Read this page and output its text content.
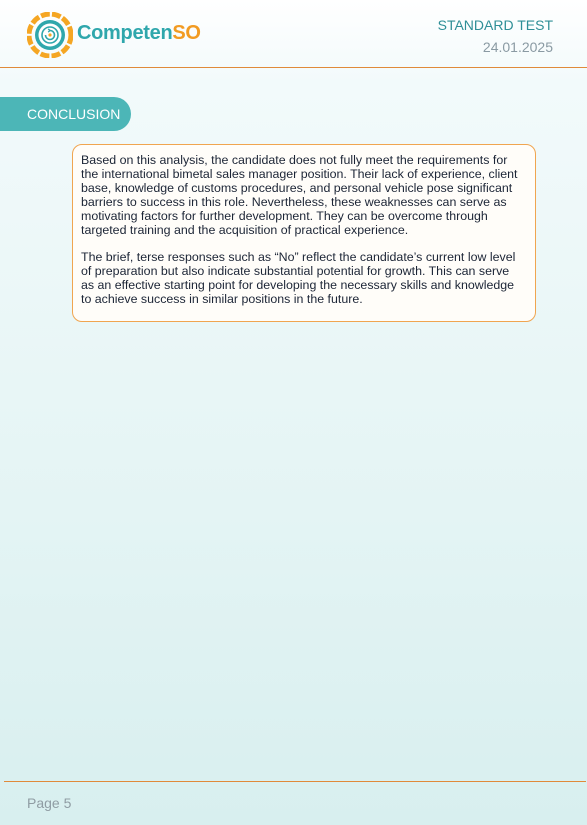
CompetenSO	STANDARD TEST
24.01.2025
CONCLUSION

Based on this analysis, the candidate does not fully meet the requirements for the international bimetal sales manager position. Their lack of experience, client base, knowledge of customs procedures, and personal vehicle pose significant barriers to success in this role. Nevertheless, these weaknesses can serve as motivating factors for further development. They can be overcome through targeted training and the acquisition of practical experience.

The brief, terse responses such as “No” reflect the candidate’s current low level of preparation but also indicate substantial potential for growth. This can serve as an effective starting point for developing the necessary skills and knowledge to achieve success in similar positions in the future.

Page 5
